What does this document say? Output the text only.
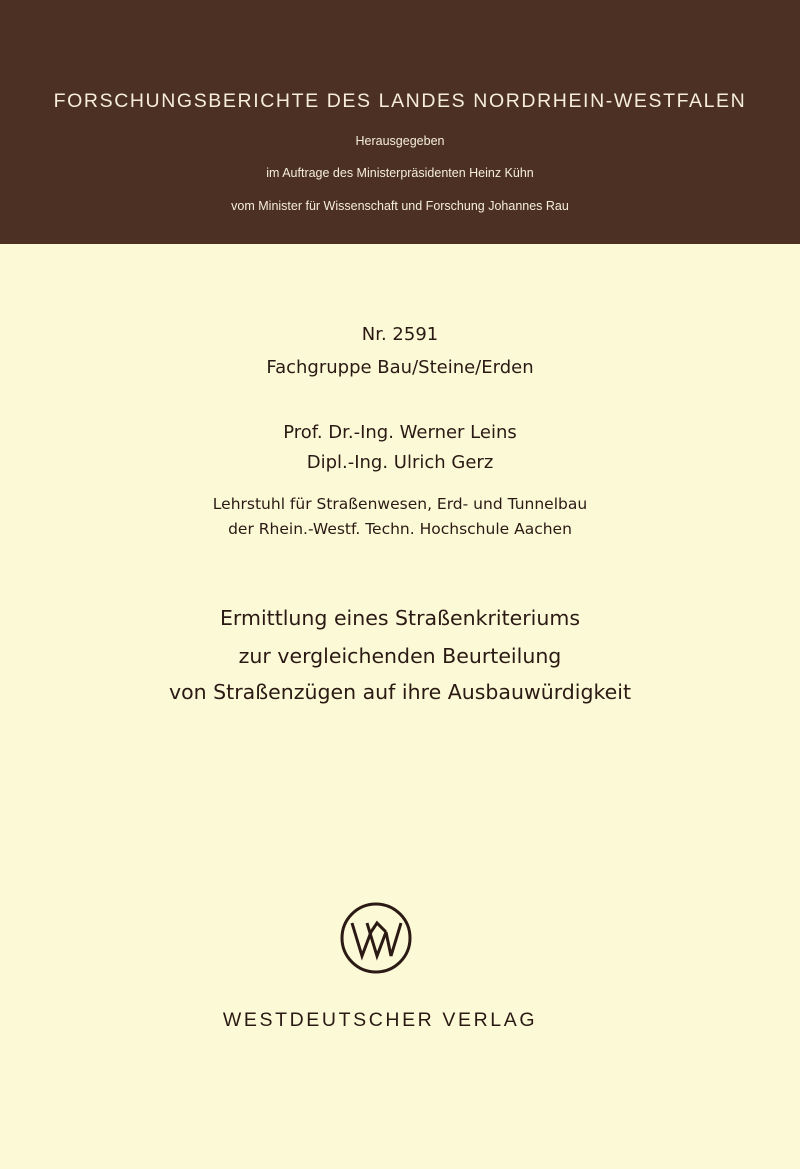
FORSCHUNGSBERICHTE DES LANDES NORDRHEIN-WESTFALEN
Herausgegeben
im Auftrage des Ministerpräsidenten Heinz Kühn
vom Minister für Wissenschaft und Forschung Johannes Rau
Nr. 2591
Fachgruppe Bau/Steine/Erden
Prof. Dr.-Ing. Werner Leins
Dipl.-Ing. Ulrich Gerz
Lehrstuhl für Straßenwesen, Erd- und Tunnelbau
der Rhein.-Westf. Techn. Hochschule Aachen
Ermittlung eines Straßenkriteriums
zur vergleichenden Beurteilung
von Straßenzügen auf ihre Ausbauwürdigkeit
WESTDEUTSCHER VERLAG
